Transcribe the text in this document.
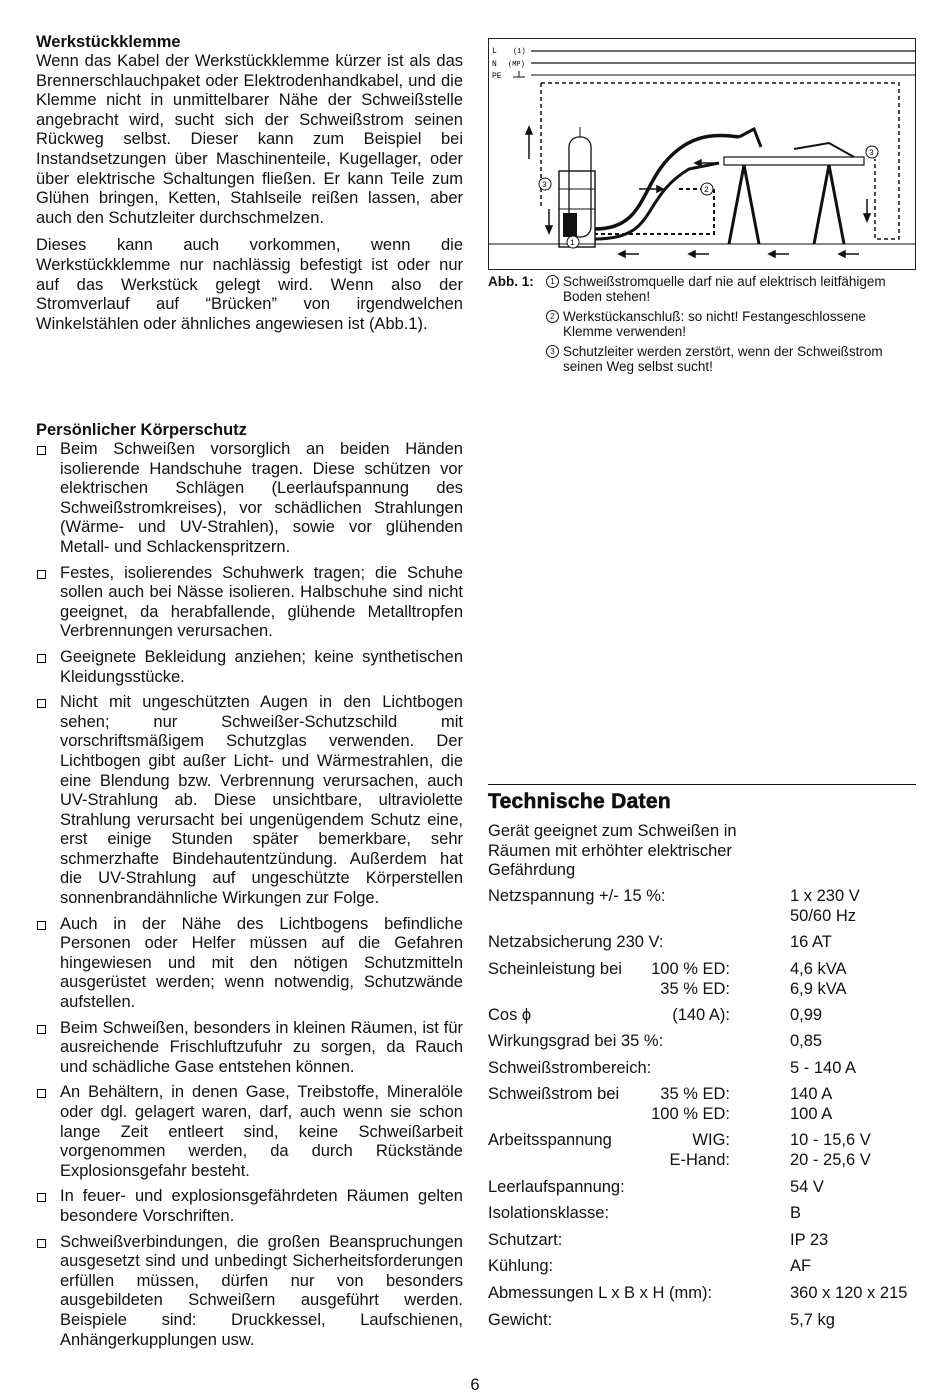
Werkstückklemme

Wenn das Kabel der Werkstückklemme kürzer ist als das Brennerschlauchpaket oder Elektrodenhandkabel, und die Klemme nicht in unmittelbarer Nähe der Schweißstelle angebracht wird, sucht sich der Schweißstrom seinen Rückweg selbst. Dieser kann zum Beispiel bei Instandsetzungen über Maschinenteile, Kugellager, oder über elektrische Schaltungen fließen. Er kann Teile zum Glühen bringen, Ketten, Stahlseile reißen lassen, aber auch den Schutzleiter durchschmelzen.

Dieses kann auch vorkommen, wenn die Werkstückklemme nur nachlässig befestigt ist oder nur auf das Werkstück gelegt wird. Wenn also der Stromverlauf auf “Brücken” von irgendwelchen Winkelstählen oder ähnliches angewiesen ist (Abb.1).

Persönlicher Körperschutz
Beim Schweißen vorsorglich an beiden Händen isolierende Handschuhe tragen. Diese schützen vor elektrischen Schlägen (Leerlaufspannung des Schweißstromkreises), vor schädlichen Strahlungen (Wärme- und UV-Strahlen), sowie vor glühenden Metall- und Schlackenspritzern.
Festes, isolierendes Schuhwerk tragen; die Schuhe sollen auch bei Nässe isolieren. Halbschuhe sind nicht geeignet, da herabfallende, glühende Metalltropfen Verbrennungen verursachen.
Geeignete Bekleidung anziehen; keine synthetischen Kleidungsstücke.
Nicht mit ungeschützten Augen in den Lichtbogen sehen; nur Schweißer-Schutzschild mit vorschriftsmäßigem Schutzglas verwenden. Der Lichtbogen gibt außer Licht- und Wärmestrahlen, die eine Blendung bzw. Verbrennung verursachen, auch UV-Strahlung ab. Diese unsichtbare, ultraviolette Strahlung verursacht bei ungenügendem Schutz eine, erst einige Stunden später bemerkbare, sehr schmerzhafte Bindehautentzündung. Außerdem hat die UV-Strahlung auf ungeschützte Körperstellen sonnenbrandähnliche Wirkungen zur Folge.
Auch in der Nähe des Lichtbogens befindliche Personen oder Helfer müssen auf die Gefahren hingewiesen und mit den nötigen Schutzmitteln ausgerüstet werden; wenn notwendig, Schutzwände aufstellen.
Beim Schweißen, besonders in kleinen Räumen, ist für ausreichende Frischluftzufuhr zu sorgen, da Rauch und schädliche Gase entstehen können.
An Behältern, in denen Gase, Treibstoffe, Mineralöle oder dgl. gelagert waren, darf, auch wenn sie schon lange Zeit entleert sind, keine Schweißarbeit vorgenommen werden, da durch Rückstände Explosionsgefahr besteht.
In feuer- und explosionsgefährdeten Räumen gelten besondere Vorschriften.
Schweißverbindungen, die großen Beanspruchungen ausgesetzt sind und unbedingt Sicherheitsforderungen erfüllen müssen, dürfen nur von besonders ausgebildeten Schweißern ausgeführt werden. Beispiele sind: Druckkessel, Laufschienen, Anhängerkupplungen usw.
L (1)
N (MP)
PE
1
2
3
3
Abb. 1:	1 Schweißstromquelle darf nie auf elektrisch leitfähigem Boden stehen!
2 Werkstückanschluß: so nicht! Festangeschlossene Klemme verwenden!
3 Schutzleiter werden zerstört, wenn der Schweißstrom seinen Weg selbst sucht!
Technische Daten
Gerät geeignet zum Schweißen in Räumen mit erhöhter elektrischer Gefährdung
Netzspannung +/- 15 %:	1 x 230 V
50/60 Hz
Netzabsicherung 230 V:	16 AT
Scheinleistung bei 100 % ED:	4,6 kVA
35 % ED:	6,9 kVA
Cos ϕ	(140 A):	0,99
Wirkungsgrad bei 35 %:	0,85
Schweißstrombereich:	5 - 140 A
Schweißstrom bei 35 % ED:	140 A
100 % ED:	100 A
Arbeitsspannung	WIG:	10 - 15,6 V
E-Hand:	20 - 25,6 V
Leerlaufspannung:	54 V
Isolationsklasse:	B
Schutzart:	IP 23
Kühlung:	AF
Abmessungen L x B x H (mm):	360 x 120 x 215
Gewicht:	5,7 kg
6
